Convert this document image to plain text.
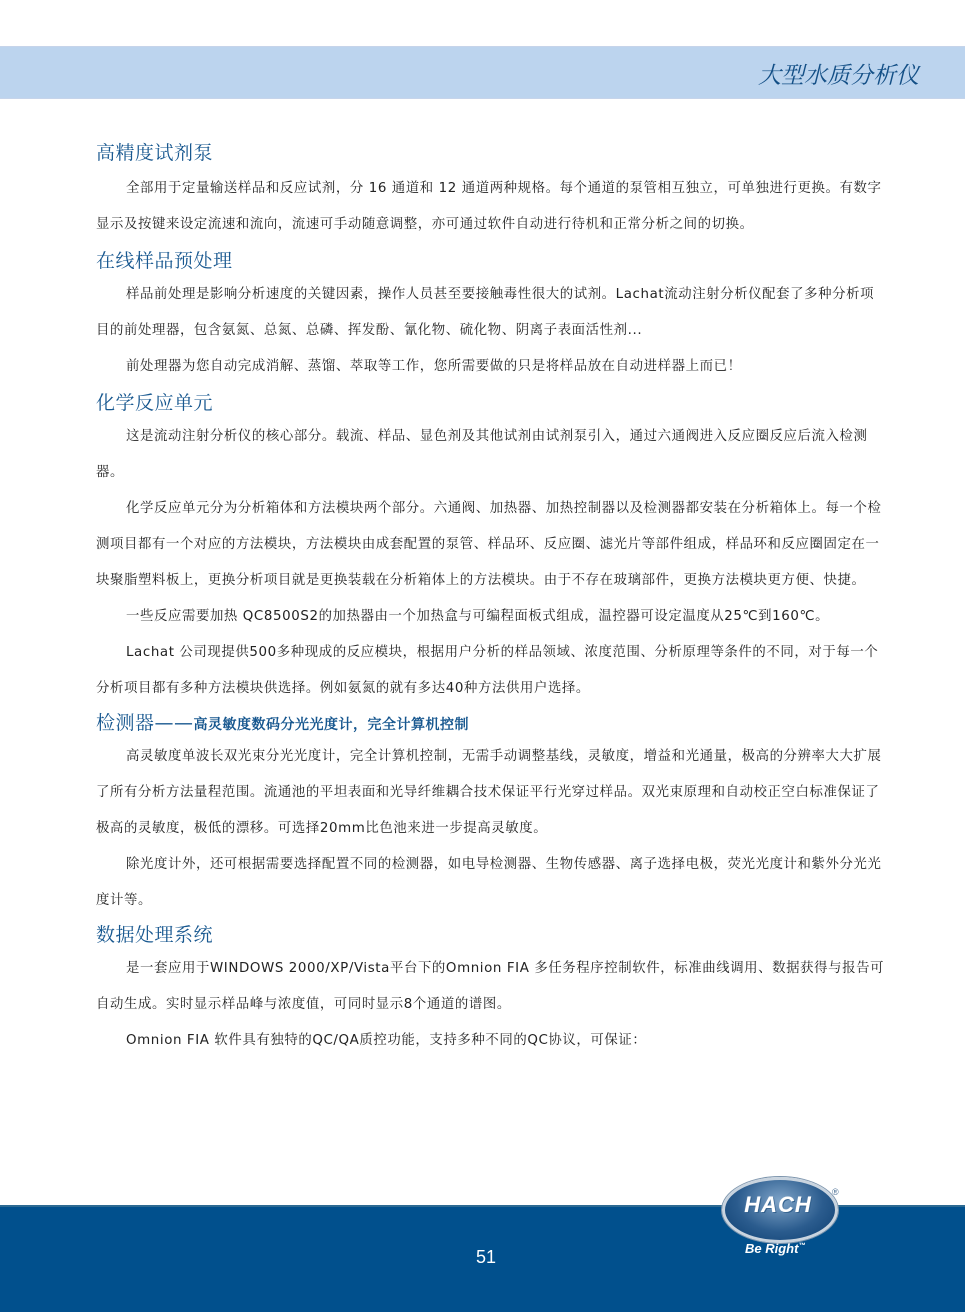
大型水质分析仪
高精度试剂泵

全部用于定量输送样品和反应试剂，分 16 通道和 12 通道两种规格。每个通道的泵管相互独立，可单独进行更换。有数字显示及按键来设定流速和流向，流速可手动随意调整，亦可通过软件自动进行待机和正常分析之间的切换。

在线样品预处理

样品前处理是影响分析速度的关键因素，操作人员甚至要接触毒性很大的试剂。Lachat流动注射分析仪配套了多种分析项目的前处理器，包含氨氮、总氮、总磷、挥发酚、氰化物、硫化物、阴离子表面活性剂...

前处理器为您自动完成消解、蒸馏、萃取等工作，您所需要做的只是将样品放在自动进样器上而已！

化学反应单元

这是流动注射分析仪的核心部分。载流、样品、显色剂及其他试剂由试剂泵引入，通过六通阀进入反应圈反应后流入检测器。

化学反应单元分为分析箱体和方法模块两个部分。六通阀、加热器、加热控制器以及检测器都安装在分析箱体上。每一个检测项目都有一个对应的方法模块，方法模块由成套配置的泵管、样品环、反应圈、滤光片等部件组成，样品环和反应圈固定在一块聚脂塑料板上，更换分析项目就是更换装载在分析箱体上的方法模块。由于不存在玻璃部件，更换方法模块更方便、快捷。

一些反应需要加热 QC8500S2的加热器由一个加热盒与可编程面板式组成，温控器可设定温度从25℃到160℃。

Lachat 公司现提供500多种现成的反应模块，根据用户分析的样品领域、浓度范围、分析原理等条件的不同，对于每一个分析项目都有多种方法模块供选择。例如氨氮的就有多达40种方法供用户选择。

检测器——高灵敏度数码分光光度计，完全计算机控制

高灵敏度单波长双光束分光光度计，完全计算机控制，无需手动调整基线，灵敏度，增益和光通量，极高的分辨率大大扩展了所有分析方法量程范围。流通池的平坦表面和光导纤维耦合技术保证平行光穿过样品。双光束原理和自动校正空白标准保证了极高的灵敏度，极低的漂移。可选择20mm比色池来进一步提高灵敏度。

除光度计外，还可根据需要选择配置不同的检测器，如电导检测器、生物传感器、离子选择电极，荧光光度计和紫外分光光度计等。

数据处理系统

是一套应用于WINDOWS 2000/XP/Vista平台下的Omnion FIA 多任务程序控制软件，标准曲线调用、数据获得与报告可自动生成。实时显示样品峰与浓度值，可同时显示8个通道的谱图。

Omnion FIA 软件具有独特的QC/QA质控功能，支持多种不同的QC协议，可保证：

51
HACH	®
Be Right™
